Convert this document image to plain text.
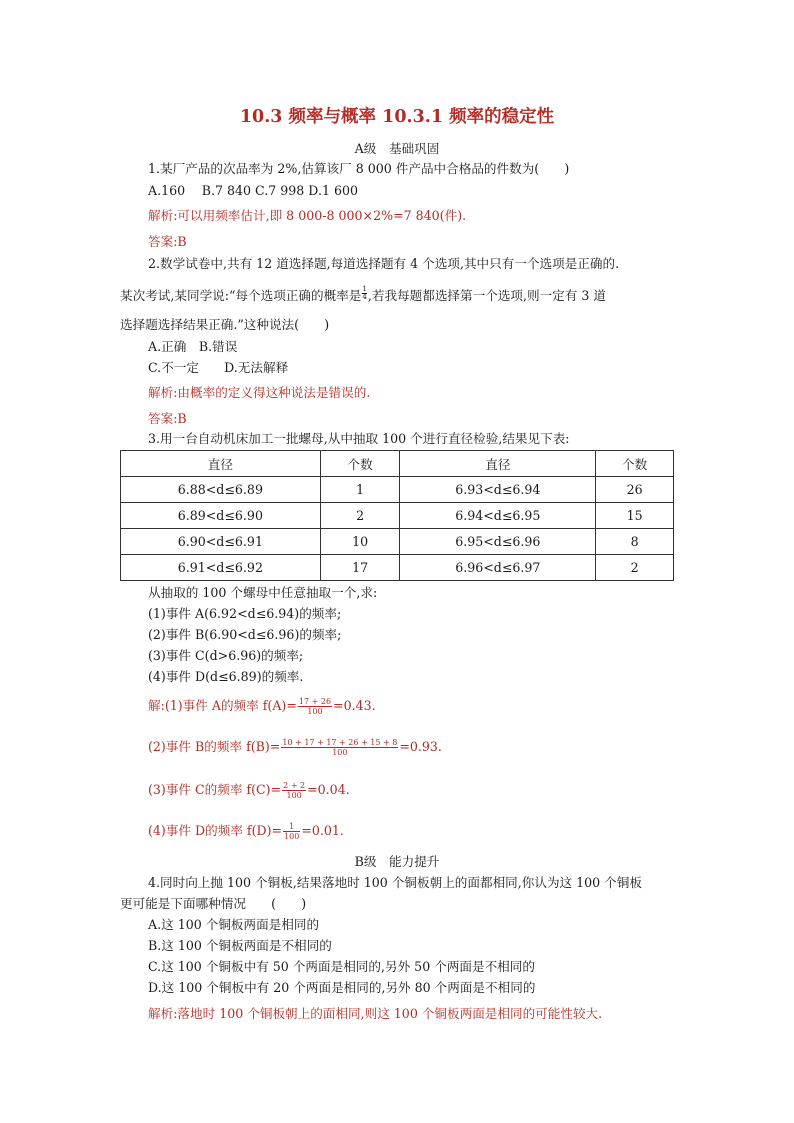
10.3 频率与概率 10.3.1 频率的稳定性
A级　基础巩固
1.某厂产品的次品率为 2%,估算该厂 8 000 件产品中合格品的件数为(　　)
A.160　 B.7 840 C.7 998 D.1 600
解析:可以用频率估计,即 8 000-8 000×2%=7 840(件).
答案:B
2.数学试卷中,共有 12 道选择题,每道选择题有 4 个选项,其中只有一个选项是正确的.
某次考试,某同学说:“每个选项正确的概率是 $\frac{1}{4}$ ,若我每题都选择第一个选项,则一定有 3 道
选择题选择结果正确.”这种说法(　　)
A.正确　B.错误
C.不一定　　D.无法解释
解析:由概率的定义得这种说法是错误的.
答案:B
3.用一台自动机床加工一批螺母,从中抽取 100 个进行直径检验,结果见下表:
直径	个数	直径	个数
6.88<d≤6.89	1	6.93<d≤6.94	26
6.89<d≤6.90	2	6.94<d≤6.95	15
6.90<d≤6.91	10	6.95<d≤6.96	8
6.91<d≤6.92	17	6.96<d≤6.97	2
从抽取的 100 个螺母中任意抽取一个,求:
(1)事件 A(6.92<d≤6.94)的频率;
(2)事件 B(6.90<d≤6.96)的频率;
(3)事件 C(d>6.96)的频率;
(4)事件 D(d≤6.89)的频率.
解:(1)事件 A的频率 $f(A)= \frac{17 + 26}{100} =0.43$.
(2)事件 B的频率 $f(B)= \frac{10 + 17 + 17 + 26 + 15 + 8}{100} =0.93$.
(3)事件 C的频率 $f(C)= \frac{2 + 2}{100} =0.04$.
(4)事件 D的频率 $f(D)= \frac{1}{100} =0.01$.
B级　能力提升
4.同时向上抛 100 个铜板,结果落地时 100 个铜板朝上的面都相同,你认为这 100 个铜板
更可能是下面哪种情况　　(　　)
A.这 100 个铜板两面是相同的
B.这 100 个铜板两面是不相同的
C.这 100 个铜板中有 50 个两面是相同的,另外 50 个两面是不相同的
D.这 100 个铜板中有 20 个两面是相同的,另外 80 个两面是不相同的
解析:落地时 100 个铜板朝上的面相同,则这 100 个铜板两面是相同的可能性较大.
